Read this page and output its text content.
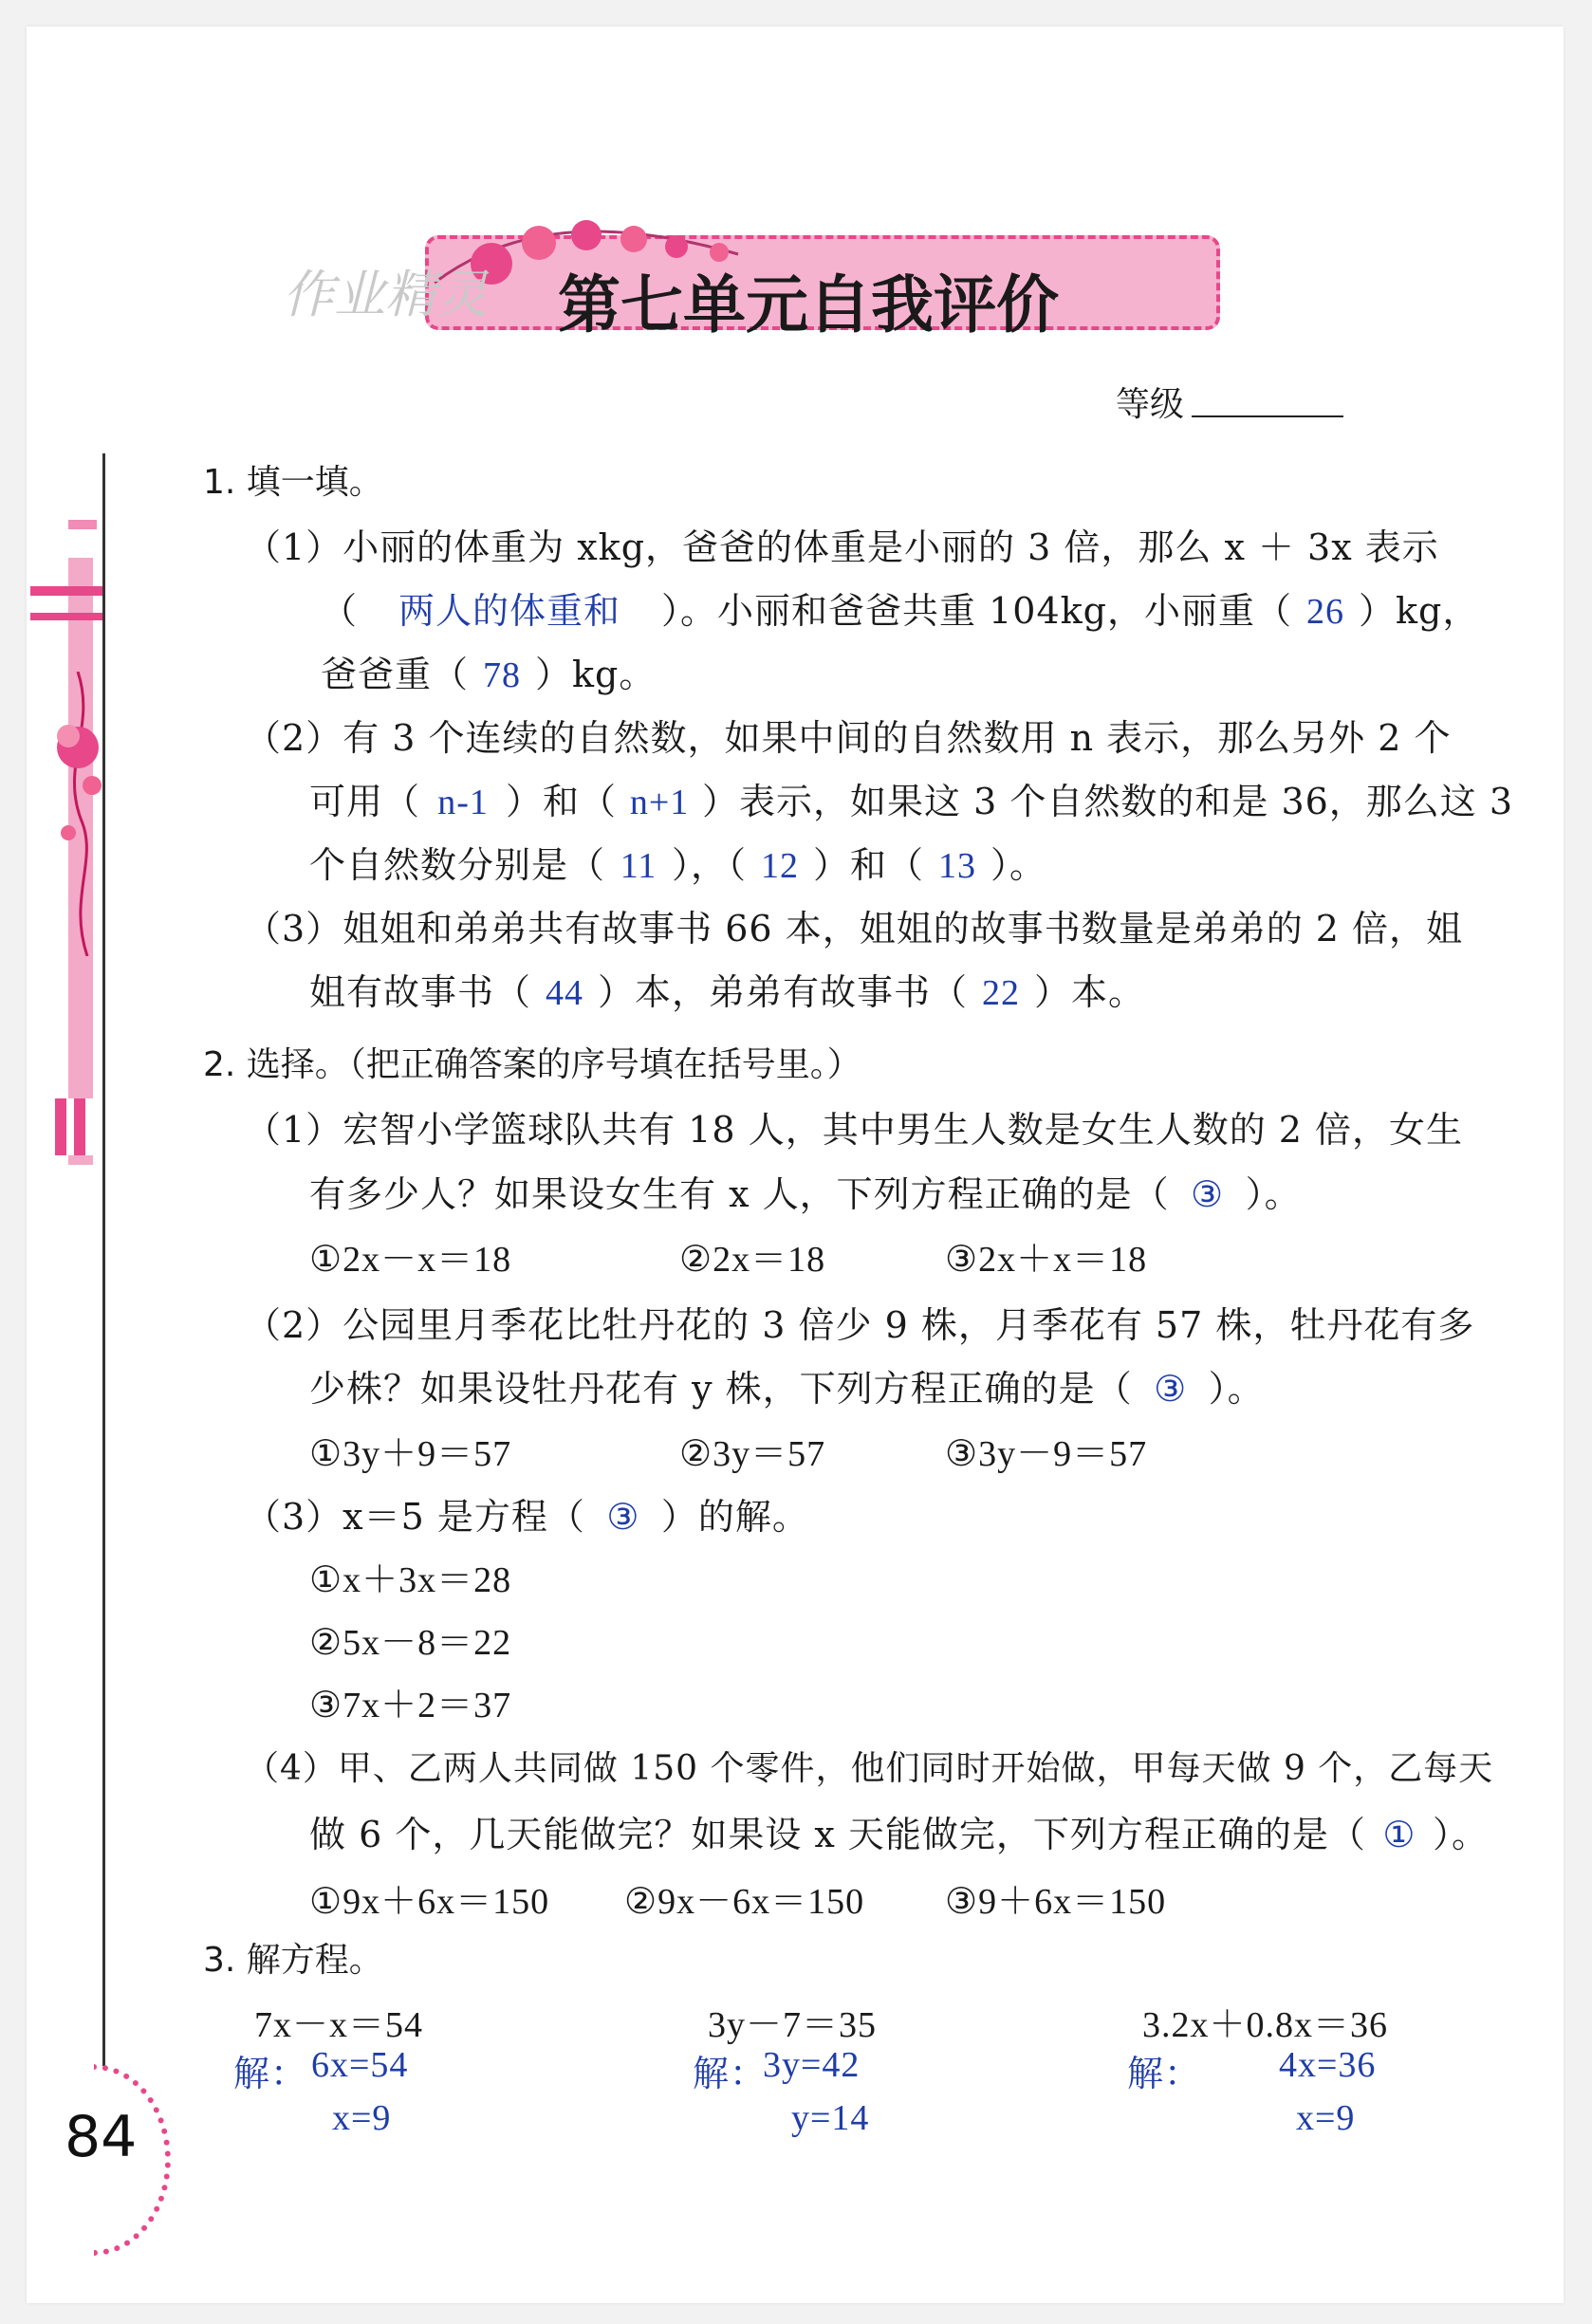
作业精灵 第七单元自我评价
等级
1. 填一填。
（1）小丽的体重为 xkg，爸爸的体重是小丽的 3 倍，那么 x ＋ 3x 表示
（ 两人的体重和 ）。小丽和爸爸共重 104kg，小丽重（ 26 ）kg，
爸爸重（ 78 ）kg。
（2）有 3 个连续的自然数，如果中间的自然数用 n 表示，那么另外 2 个
可用（ n-1 ）和（ n+1 ）表示，如果这 3 个自然数的和是 36，那么这 3
个自然数分别是（ 11 ），（ 12 ）和（ 13 ）。
（3）姐姐和弟弟共有故事书 66 本，姐姐的故事书数量是弟弟的 2 倍，姐
姐有故事书（ 44 ）本，弟弟有故事书（ 22 ）本。
2. 选择。（把正确答案的序号填在括号里。）
（1）宏智小学篮球队共有 18 人，其中男生人数是女生人数的 2 倍，女生
有多少人？如果设女生有 x 人，下列方程正确的是（ ③ ）。
①2x－x＝18	②2x＝18	③2x＋x＝18
（2）公园里月季花比牡丹花的 3 倍少 9 株，月季花有 57 株，牡丹花有多
少株？如果设牡丹花有 y 株，下列方程正确的是（ ③ ）。
①3y＋9＝57	②3y＝57	③3y－9＝57
（3）x＝5 是方程（ ③ ）的解。
①x＋3x＝28
②5x－8＝22
③7x＋2＝37
（4）甲、乙两人共同做 150 个零件，他们同时开始做，甲每天做 9 个，乙每天
做 6 个，几天能做完？如果设 x 天能做完，下列方程正确的是（ ① ）。
①9x＋6x＝150 ②9x－6x＝150 ③9＋6x＝150
3. 解方程。
7x－x＝54
解： 6x=54
x=9
3y－7＝35
解：
3y=42
y=14
3.2x＋0.8x＝36
解： 4x=36
x=9
84
